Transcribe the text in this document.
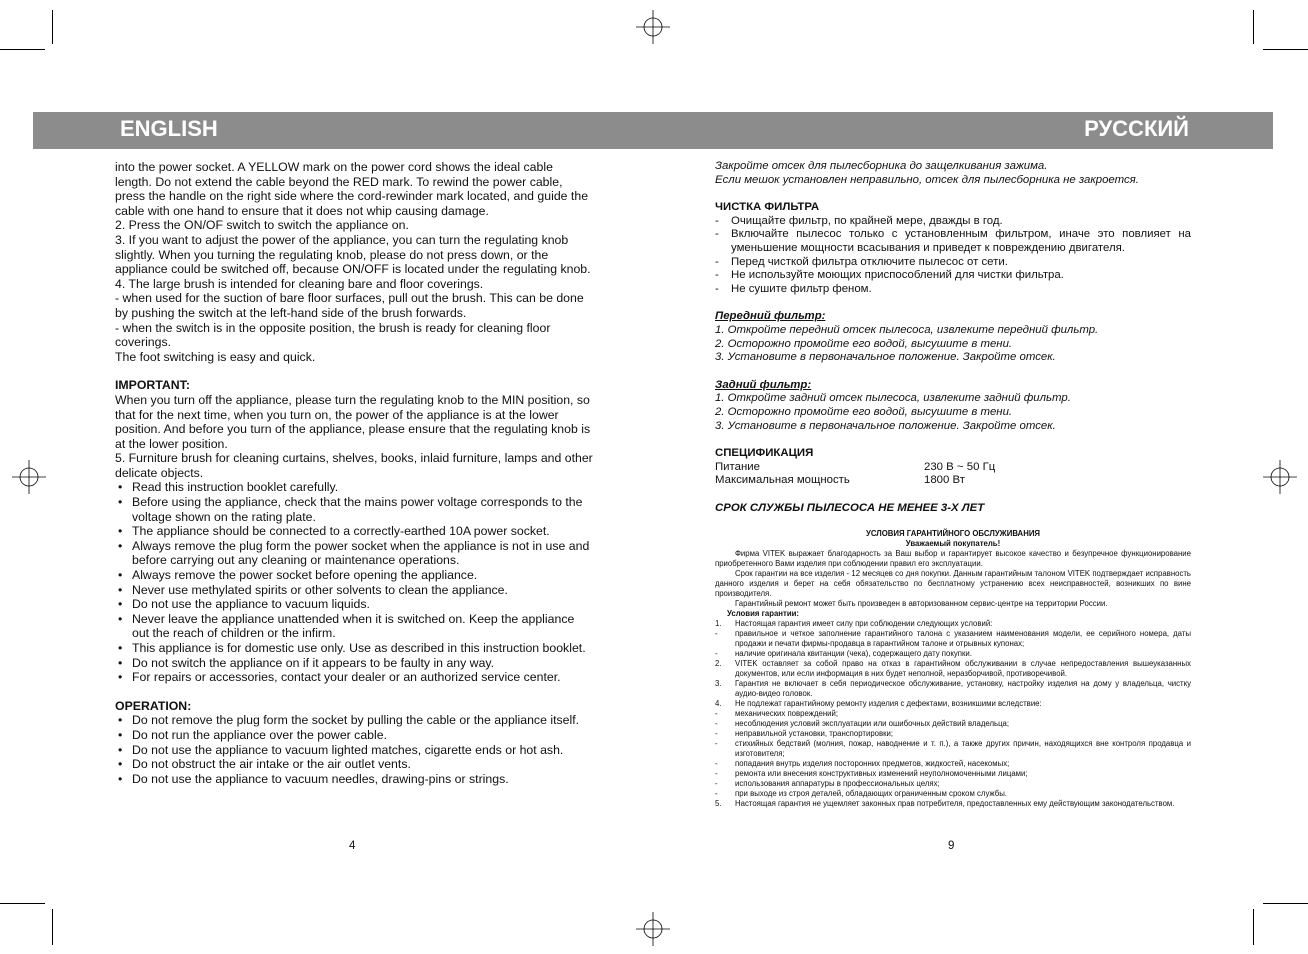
ENGLISH	РУССКИЙ

into the power socket. A YELLOW mark on the power cord shows the ideal cable length. Do not extend the cable beyond the RED mark. To rewind the power cable, press the handle on the right side where the cord-rewinder mark located, and guide the cable with one hand to ensure that it does not whip causing damage.

2. Press the ON/OF switch to switch the appliance on.

3. If you want to adjust the power of the appliance, you can turn the regulating knob slightly. When you turning the regulating knob, please do not press down, or the appliance could be switched off, because ON/OFF is located under the regulating knob.

4. The large brush is intended for cleaning bare and floor coverings.

- when used for the suction of bare floor surfaces, pull out the brush. This can be done by pushing the switch at the left-hand side of the brush forwards.

- when the switch is in the opposite position, the brush is ready for cleaning floor coverings.

The foot switching is easy and quick.

IMPORTANT:

When you turn off the appliance, please turn the regulating knob to the MIN position, so that for the next time, when you turn on, the power of the appliance is at the lower position. And before you turn of the appliance, please ensure that the regulating knob is at the lower position.

5. Furniture brush for cleaning curtains, shelves, books, inlaid furniture, lamps and other delicate objects.

• Read this instruction booklet carefully.
• Before using the appliance, check that the mains power voltage corresponds to the voltage shown on the rating plate.
• The appliance should be connected to a correctly-earthed 10A power socket.
• Always remove the plug form the power socket when the appliance is not in use and before carrying out any cleaning or maintenance operations.
• Always remove the power socket before opening the appliance.
• Never use methylated spirits or other solvents to clean the appliance.
• Do not use the appliance to vacuum liquids.
• Never leave the appliance unattended when it is switched on. Keep the appliance out the reach of children or the infirm.
• This appliance is for domestic use only. Use as described in this instruction booklet.
• Do not switch the appliance on if it appears to be faulty in any way.
• For repairs or accessories, contact your dealer or an authorized service center.
OPERATION:
• Do not remove the plug form the socket by pulling the cable or the appliance itself.
• Do not run the appliance over the power cable.
• Do not use the appliance to vacuum lighted matches, cigarette ends or hot ash.
• Do not obstruct the air intake or the air outlet vents.
• Do not use the appliance to vacuum needles, drawing-pins or strings.
4

Закройте отсек для пылесборника до защелкивания зажима.

Если мешок установлен неправильно, отсек для пылесборника не закроется.

ЧИСТКА ФИЛЬТРА
- Очищайте фильтр, по крайней мере, дважды в год.
- Включайте пылесос только с установленным фильтром, иначе это повлияет на уменьшение мощности всасывания и приведет к повреждению двигателя.
- Перед чисткой фильтра отключите пылесос от сети.
- Не используйте моющих приспособлений для чистки фильтра.
- Не сушите фильтр феном.

Передний фильтр:

1. Откройте передний отсек пылесоса, извлеките передний фильтр.

2. Осторожно промойте его водой, высушите в тени.

3. Установите в первоначальное положение. Закройте отсек.

Задний фильтр:

1. Откройте задний отсек пылесоса, извлеките задний фильтр.

2. Осторожно промойте его водой, высушите в тени.

3. Установите в первоначальное положение. Закройте отсек.

СПЕЦИФИКАЦИЯ
Питание	230 В ~ 50 Гц
Максимальная мощность	1800 Вт

СРОК СЛУЖБЫ ПЫЛЕСОСА НЕ МЕНЕЕ 3-Х ЛЕТ

УСЛОВИЯ ГАРАНТИЙНОГО ОБСЛУЖИВАНИЯ
Уважаемый покупатель!
Фирма VITEK выражает благодарность за Ваш выбор и гарантирует высокое качество и безупречное функционирование приобретенного Вами изделия при соблюдении правил его эксплуатации.
Срок гарантии на все изделия - 12 месяцев со дня покупки. Данным гарантийным талоном VITEK подтверждает исправность данного изделия и берет на себя обязательство по бесплатному устранению всех неисправностей, возникших по вине производителя.
Гарантийный ремонт может быть произведен в авторизованном сервис-центре на территории России.
Условия гарантии:
1.	Настоящая гарантия имеет силу при соблюдении следующих условий:
-	правильное и четкое заполнение гарантийного талона с указанием наименования модели, ее серийного номера, даты продажи и печати фирмы-продавца в гарантийном талоне и отрывных купонах;
-	наличие оригинала квитанции (чека), содержащего дату покупки.
2.	VITEK оставляет за собой право на отказ в гарантийном обслуживании в случае непредоставления вышеуказанных документов, или если информация в них будет неполной, неразборчивой, противоречивой.
3.	Гарантия не включает в себя периодическое обслуживание, установку, настройку изделия на дому у владельца, чистку аудио-видео головок.
4.	Не подлежат гарантийному ремонту изделия с дефектами, возникшими вследствие:
-	механических повреждений;
-	несоблюдения условий эксплуатации или ошибочных действий владельца;
-	неправильной установки, транспортировки;
-	стихийных бедствий (молния, пожар, наводнение и т. п.), а также других причин, находящихся вне контроля продавца и изготовителя;
-	попадания внутрь изделия посторонних предметов, жидкостей, насекомых;
-	ремонта или внесения конструктивных изменений неуполномоченными лицами;
-	использования аппаратуры в профессиональных целях;
-	при выходе из строя деталей, обладающих ограниченным сроком службы.
5.	Настоящая гарантия не ущемляет законных прав потребителя, предоставленных ему действующим законодательством.
9
